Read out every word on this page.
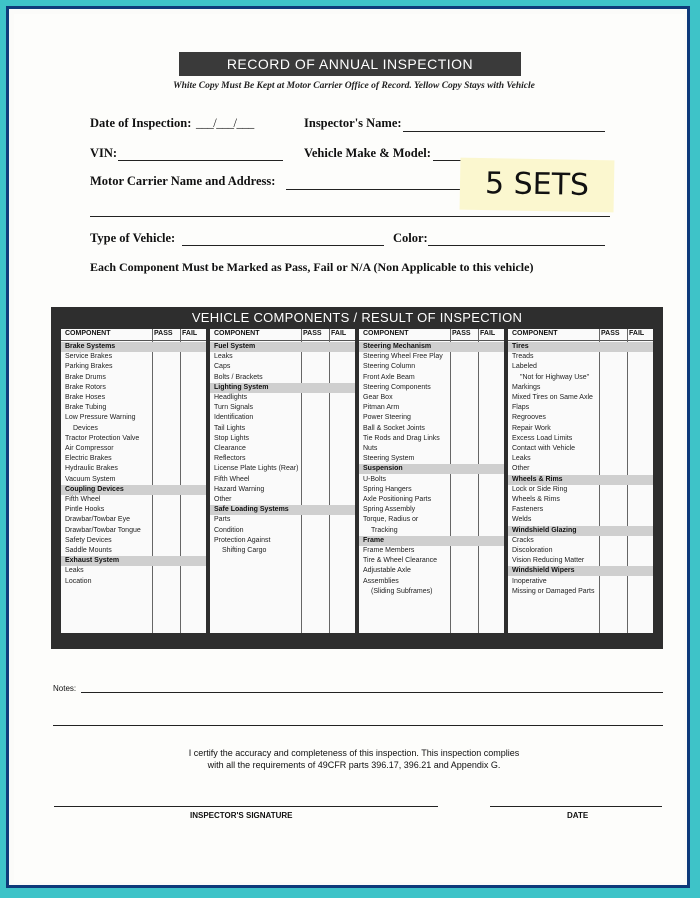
RECORD OF ANNUAL INSPECTION
White Copy Must Be Kept at Motor Carrier Office of Record. Yellow Copy Stays with Vehicle
Date of Inspection: ___/___/___	Inspector's Name:
VIN:	Vehicle Make & Model:
Motor Carrier Name and Address:	5 SETS
Type of Vehicle:	Color:
Each Component Must be Marked as Pass, Fail or N/A (Non Applicable to this vehicle)
VEHICLE COMPONENTS / RESULT OF INSPECTION
COMPONENT	PASS FAIL
Brake Systems
Service Brakes
Parking Brakes
Brake Drums
Brake Rotors
Brake Hoses
Brake Tubing
Low Pressure Warning
Devices
Tractor Protection Valve
Air Compressor
Electric Brakes
Hydraulic Brakes
Vacuum System
Coupling Devices
Fifth Wheel
Pintle Hooks
Drawbar/Towbar Eye
Drawbar/Towbar Tongue
Safety Devices
Saddle Mounts
Exhaust System
Leaks
Location
COMPONENT	PASS FAIL
Fuel System
Leaks
Caps
Bolts / Brackets
Lighting System
Headlights
Turn Signals
Identification
Tail Lights
Stop Lights
Clearance
Reflectors
License Plate Lights (Rear)
Fifth Wheel
Hazard Warning
Other
Safe Loading Systems
Parts
Condition
Protection Against
Shifting Cargo
COMPONENT	PASS FAIL
Steering Mechanism
Steering Wheel Free Play
Steering Column
Front Axle Beam
Steering Components
Gear Box
Pitman Arm
Power Steering
Ball & Socket Joints
Tie Rods and Drag Links
Nuts
Steering System
Suspension
U-Bolts
Spring Hangers
Axle Positioning Parts
Spring Assembly
Torque, Radius or
Tracking
Frame
Frame Members
Tire & Wheel Clearance
Adjustable Axle
Assemblies
(Sliding Subframes)
COMPONENT	PASS FAIL
Tires
Treads
Labeled
"Not for Highway Use"
Markings
Mixed Tires on Same Axle
Flaps
Regrooves
Repair Work
Excess Load Limits
Contact with Vehicle
Leaks
Other
Wheels & Rims
Lock or Side Ring
Wheels & Rims
Fasteners
Welds
Windshield Glazing
Cracks
Discoloration
Vision Reducing Matter
Windshield Wipers
Inoperative
Missing or Damaged Parts
Notes:
I certify the accuracy and completeness of this inspection. This inspection complies
with all the requirements of 49CFR parts 396.17, 396.21 and Appendix G.
INSPECTOR'S SIGNATURE	DATE
